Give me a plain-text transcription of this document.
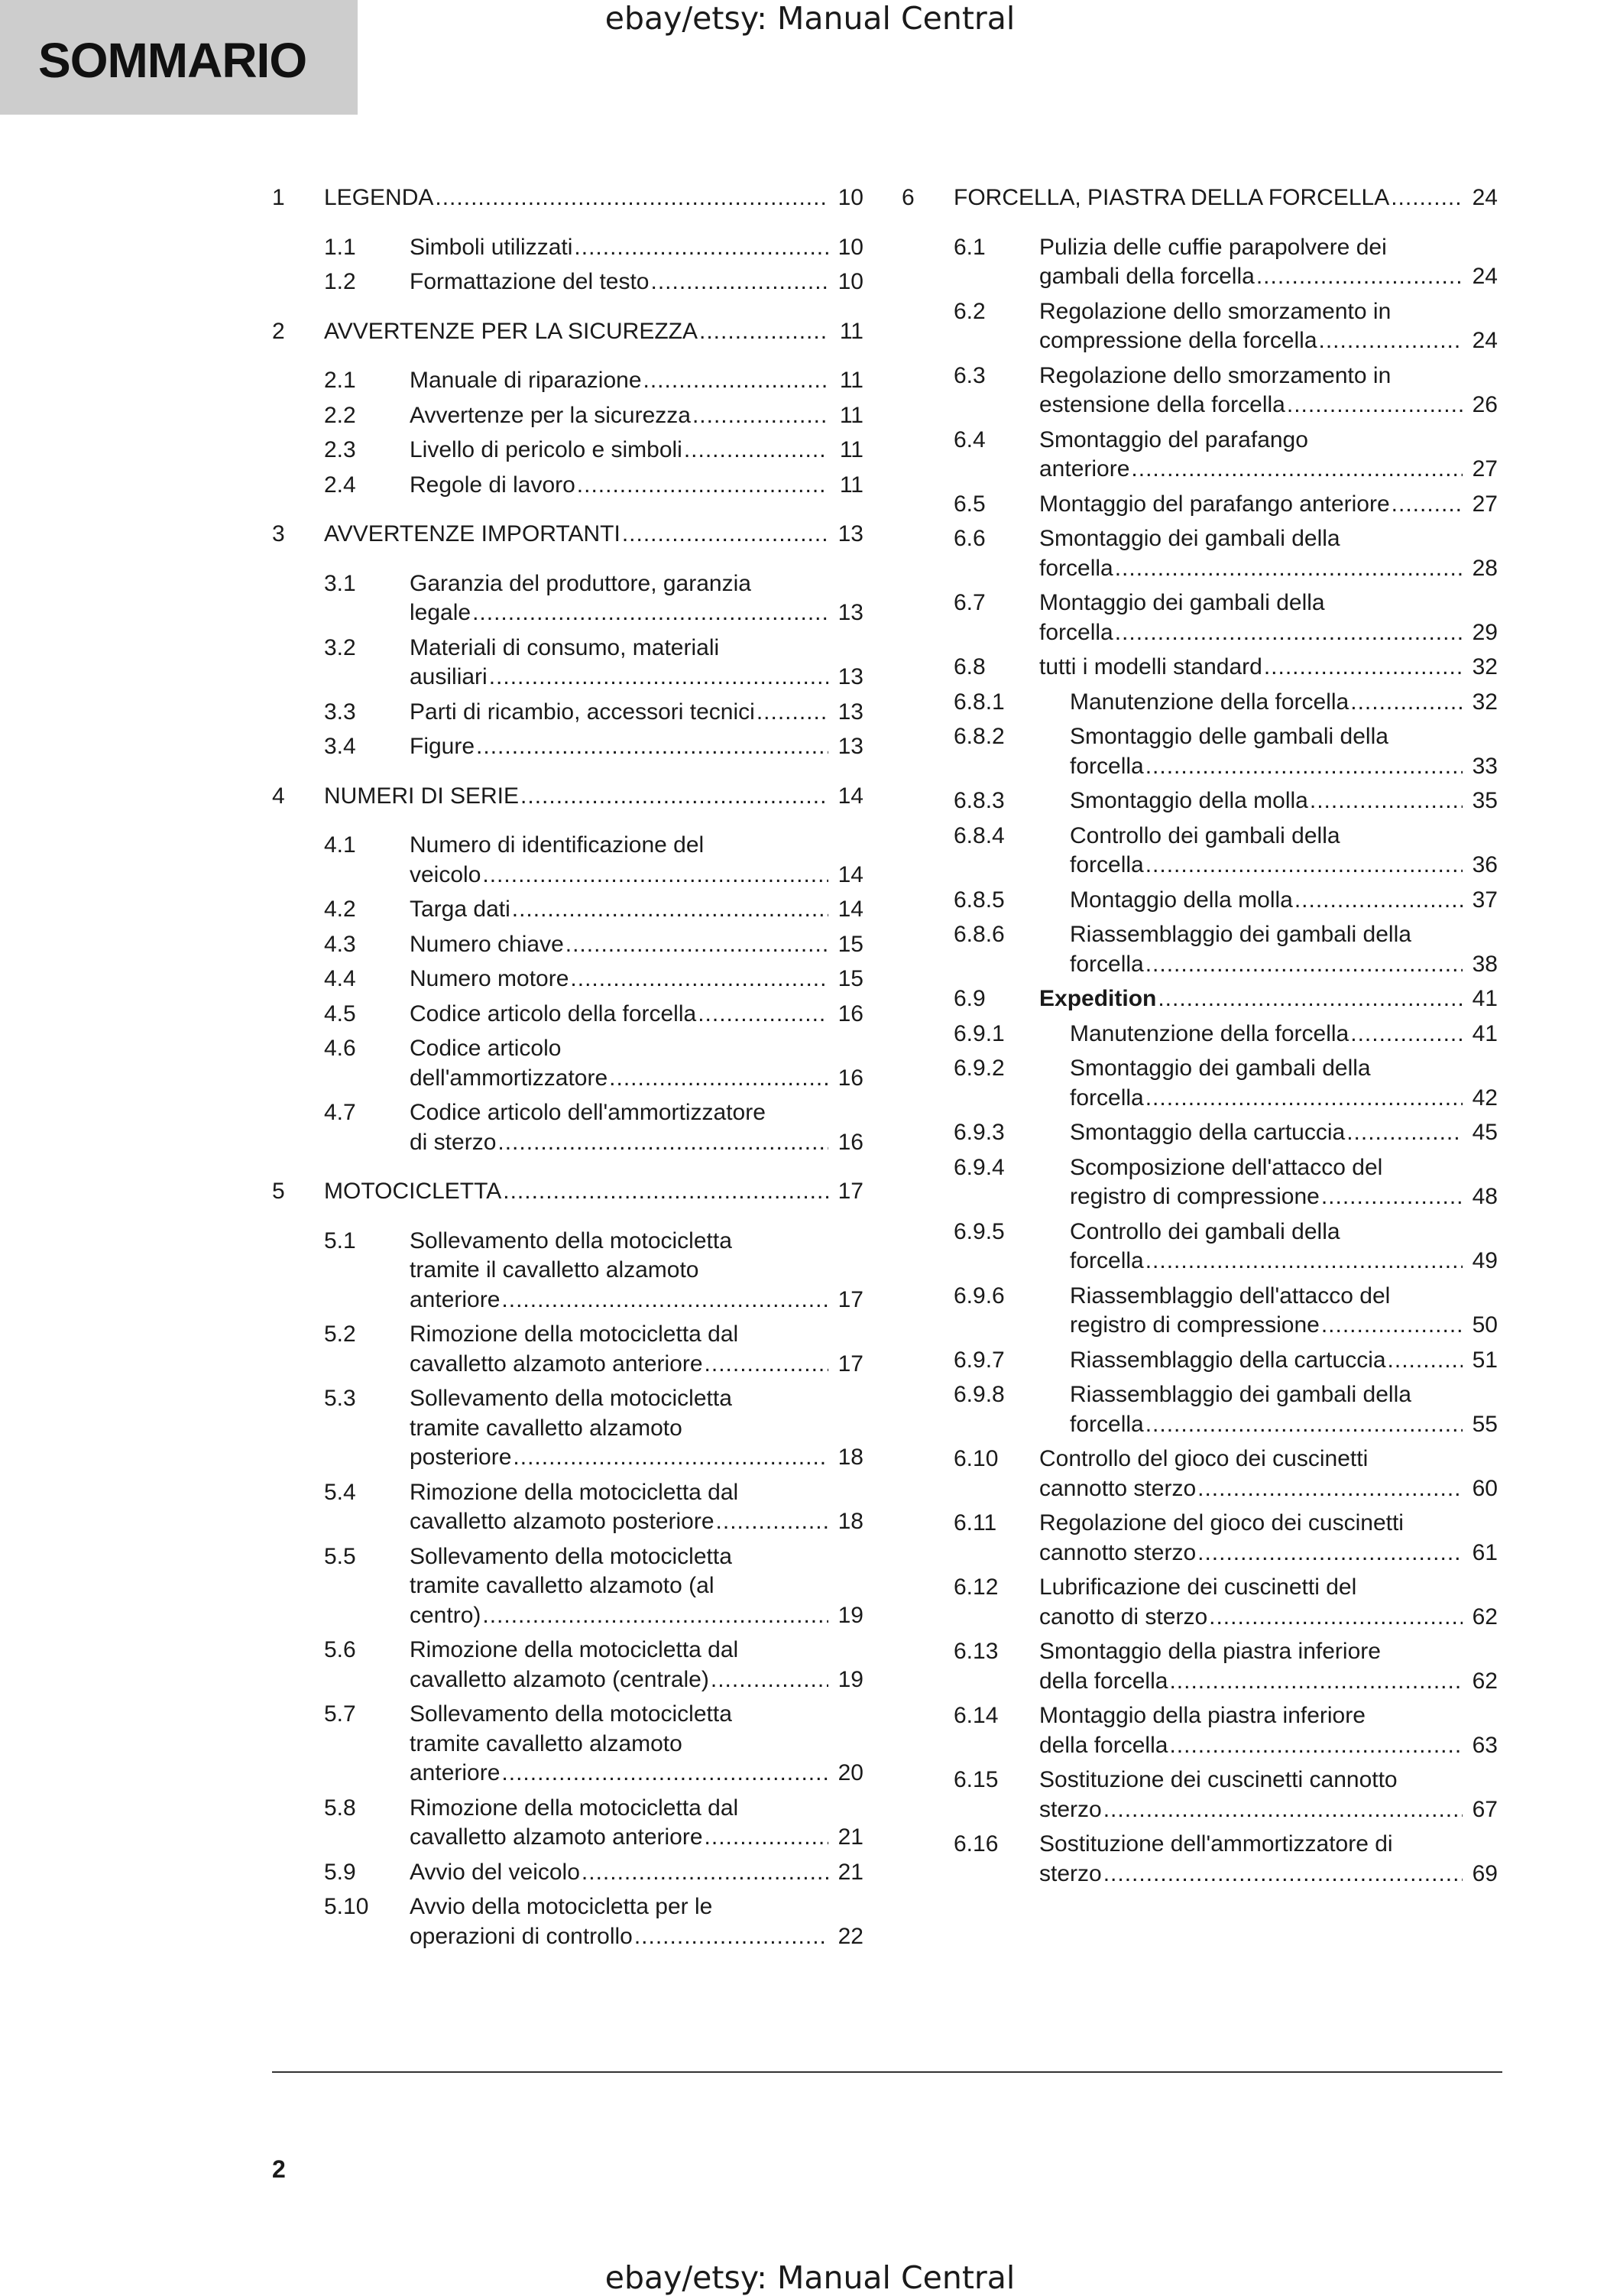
ebay/etsy: Manual Central
SOMMARIO
1 LEGENDA .....	10
1.1 Simboli utilizzati .....	10
1.2 Formattazione del testo .....	10
2 AVVERTENZE PER LA SICUREZZA .....	11
2.1 Manuale di riparazione .....	11
2.2 Avvertenze per la sicurezza .....	11
2.3 Livello di pericolo e simboli .....	11
2.4 Regole di lavoro .....	11
3 AVVERTENZE IMPORTANTI .....	13
3.1 Garanzia del produttore, garanzia
legale .....	13
3.2 Materiali di consumo, materiali
ausiliari .....	13
3.3 Parti di ricambio, accessori tecnici .....	13
3.4 Figure .....	13
4 NUMERI DI SERIE .....	14
4.1 Numero di identificazione del
veicolo .....	14
4.2 Targa dati .....	14
4.3 Numero chiave .....	15
4.4 Numero motore .....	15
4.5 Codice articolo della forcella .....	16
4.6 Codice articolo
dell'ammortizzatore .....	16
4.7 Codice articolo dell'ammortizzatore
di sterzo .....	16
5 MOTOCICLETTA .....	17
5.1 Sollevamento della motocicletta
tramite il cavalletto alzamoto
anteriore .....	17
5.2 Rimozione della motocicletta dal
cavalletto alzamoto anteriore .....	17
5.3 Sollevamento della motocicletta
tramite cavalletto alzamoto
posteriore .....	18
5.4 Rimozione della motocicletta dal
cavalletto alzamoto posteriore .....	18
5.5 Sollevamento della motocicletta
tramite cavalletto alzamoto (al
centro) .....	19
5.6 Rimozione della motocicletta dal
cavalletto alzamoto (centrale) .....	19
5.7 Sollevamento della motocicletta
tramite cavalletto alzamoto
anteriore .....	20
5.8 Rimozione della motocicletta dal
cavalletto alzamoto anteriore .....	21
5.9 Avvio del veicolo .....	21
5.10 Avvio della motocicletta per le
operazioni di controllo .....	22
6 FORCELLA, PIASTRA DELLA FORCELLA .....	24
6.1 Pulizia delle cuffie parapolvere dei
gambali della forcella .....	24
6.2 Regolazione dello smorzamento in
compressione della forcella .....	24
6.3 Regolazione dello smorzamento in
estensione della forcella .....	26
6.4 Smontaggio del parafango
anteriore .....	27
6.5 Montaggio del parafango anteriore .....	27
6.6 Smontaggio dei gambali della
forcella .....	28
6.7 Montaggio dei gambali della
forcella .....	29
6.8 tutti i modelli standard .....	32
6.8.1	Manutenzione della forcella .....	32
6.8.2	Smontaggio delle gambali della
forcella .....	33
6.8.3	Smontaggio della molla .....	35
6.8.4	Controllo dei gambali della
forcella .....	36
6.8.5	Montaggio della molla .....	37
6.8.6	Riassemblaggio dei gambali della
forcella .....	38
6.9 Expedition .....	41
6.9.1	Manutenzione della forcella .....	41
6.9.2	Smontaggio dei gambali della
forcella .....	42
6.9.3	Smontaggio della cartuccia .....	45
6.9.4	Scomposizione dell'attacco del
registro di compressione .....	48
6.9.5	Controllo dei gambali della
forcella .....	49
6.9.6	Riassemblaggio dell'attacco del
registro di compressione .....	50
6.9.7	Riassemblaggio della cartuccia .....	51
6.9.8	Riassemblaggio dei gambali della
forcella .....	55
6.10 Controllo del gioco dei cuscinetti
cannotto sterzo .....	60
6.11 Regolazione del gioco dei cuscinetti
cannotto sterzo .....	61
6.12 Lubrificazione dei cuscinetti del
canotto di sterzo .....	62
6.13 Smontaggio della piastra inferiore
della forcella .....	62
6.14 Montaggio della piastra inferiore
della forcella .....	63
6.15 Sostituzione dei cuscinetti cannotto
sterzo .....	67
6.16 Sostituzione dell'ammortizzatore di
sterzo .....	69
2
ebay/etsy: Manual Central
